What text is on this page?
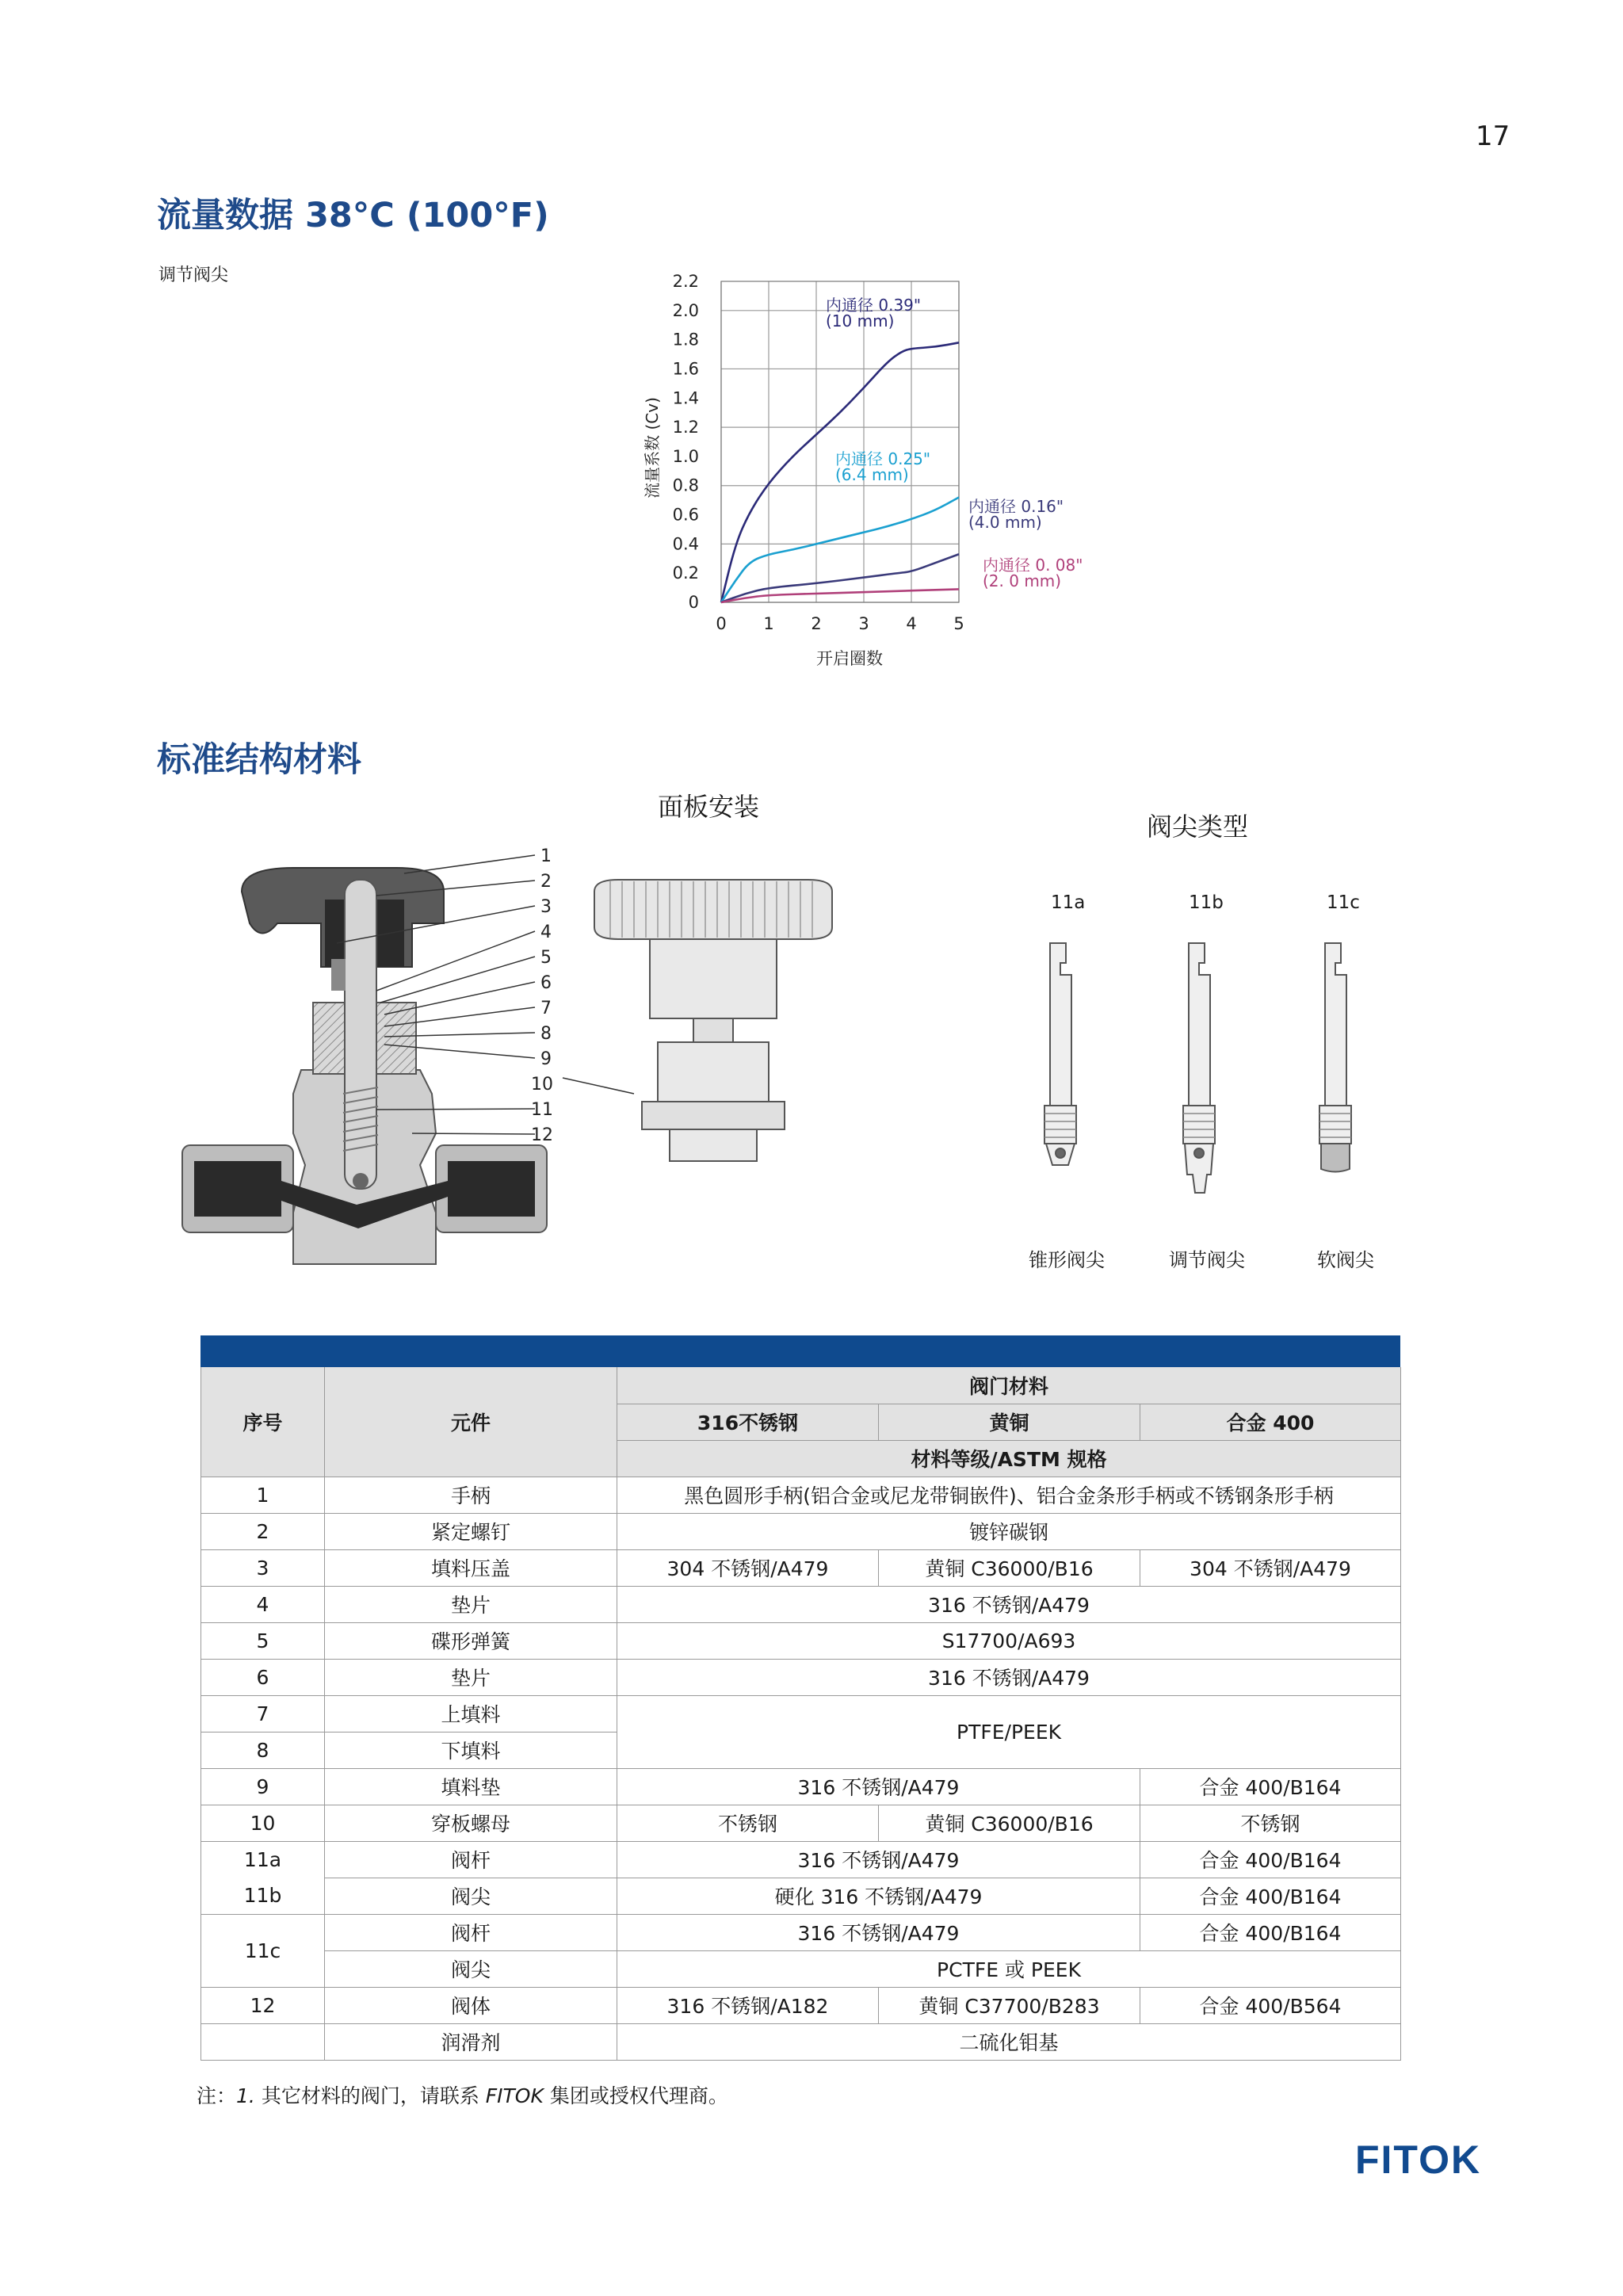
17
流量数据 38°C (100°F)
调节阀尖
0
0.2
0.4
0.6
0.8
1.0
1.2
1.4
1.6
1.8
2.0
2.2
0 1 2 3 4 5
内通径 0.39"
(10 mm)
内通径 0.25"
(6.4 mm)
内通径 0.16"
(4.0 mm)
内通径 0. 08"
(2. 0 mm)
开启圈数
流量系数 (Cv)
标准结构材料
面板安装
阀尖类型
1
2
3
4
5
6
7
8
9
10
11
12
11a	11b	11c
锥形阀尖	调节阀尖	软阀尖
序号	元件	阀门材料		
		316不锈钢	黄铜	合金 400
		材料等级/ASTM 规格		
1	手柄	黑色圆形手柄(铝合金或尼龙带铜嵌件)、铝合金条形手柄或不锈钢条形手柄		
2	紧定螺钉	镀锌碳钢		
3	填料压盖	304 不锈钢/A479	黄铜 C36000/B16	304 不锈钢/A479
4	垫片	316 不锈钢/A479		
5	碟形弹簧	S17700/A693		
6	垫片	316 不锈钢/A479		
7	上填料	PTFE/PEEK		
8	下填料			
9	填料垫	316 不锈钢/A479		合金 400/B164
10	穿板螺母	不锈钢	黄铜 C36000/B16	不锈钢
11a	阀杆	316 不锈钢/A479		合金 400/B164
11b	阀尖	硬化 316 不锈钢/A479		合金 400/B164
11c	阀杆	316 不锈钢/A479		合金 400/B164
	阀尖	PCTFE 或 PEEK		
12	阀体	316 不锈钢/A182	黄铜 C37700/B283	合金 400/B564
	润滑剂	二硫化钼基		
注：1. 其它材料的阀门，请联系 FITOK 集团或授权代理商。
FITOK
